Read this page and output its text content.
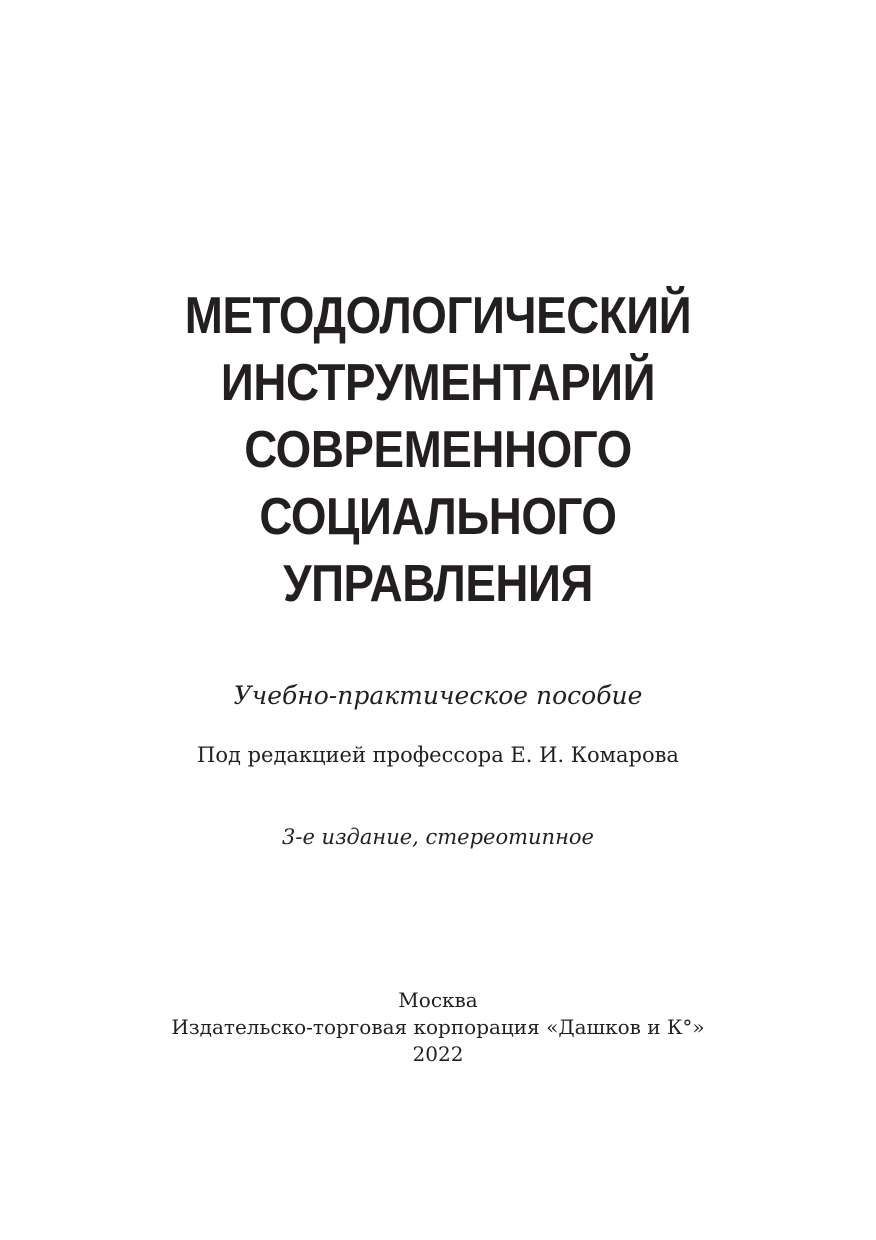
МЕТОДОЛОГИЧЕСКИЙ
ИНСТРУМЕНТАРИЙ
СОВРЕМЕННОГО
СОЦИАЛЬНОГО
УПРАВЛЕНИЯ
Учебно-практическое пособие
Под редакцией профессора Е. И. Комарова
3-е издание, стереотипное
Москва
Издательско-торговая корпорация «Дашков и К°»
2022
